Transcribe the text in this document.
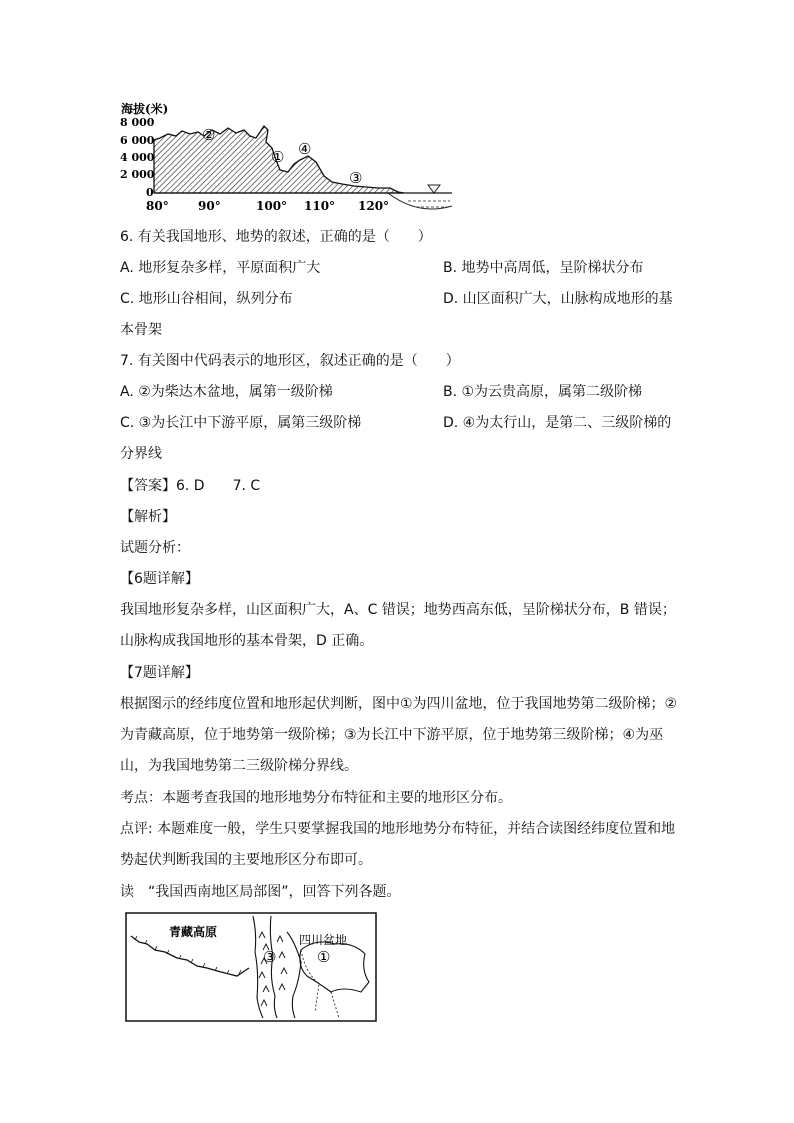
海拔(米)
8 000
6 000
4 000
2 000
0
②
① ④
③
80° 90°	100° 110° 120°
6. 有关我国地形、地势的叙述，正确的是（　　）
A. 地形复杂多样，平原面积广大	B. 地势中高周低，呈阶梯状分布
C. 地形山谷相间，纵列分布	D. 山区面积广大，山脉构成地形的基
本骨架
7. 有关图中代码表示的地形区，叙述正确的是（　　）
A. ②为柴达木盆地，属第一级阶梯	B. ①为云贵高原，属第二级阶梯
C. ③为长江中下游平原，属第三级阶梯	D. ④为太行山，是第二、三级阶梯的
分界线
【答案】6. D　　7. C
【解析】
试题分析：
【6题详解】
我国地形复杂多样，山区面积广大，A、C 错误；地势西高东低，呈阶梯状分布，B 错误；
山脉构成我国地形的基本骨架，D 正确。
【7题详解】
根据图示的经纬度位置和地形起伏判断，图中①为四川盆地，位于我国地势第二级阶梯；②
为青藏高原，位于地势第一级阶梯；③为长江中下游平原，位于地势第三级阶梯；④为巫
山，为我国地势第二三级阶梯分界线。
考点：本题考查我国的地形地势分布特征和主要的地形区分布。
点评: 本题难度一般，学生只要掌握我国的地形地势分布特征，并结合读图经纬度位置和地
势起伏判断我国的主要地形区分布即可。
读　“我国西南地区局部图”，回答下列各题。
青藏高原
四川盆地
③	①
